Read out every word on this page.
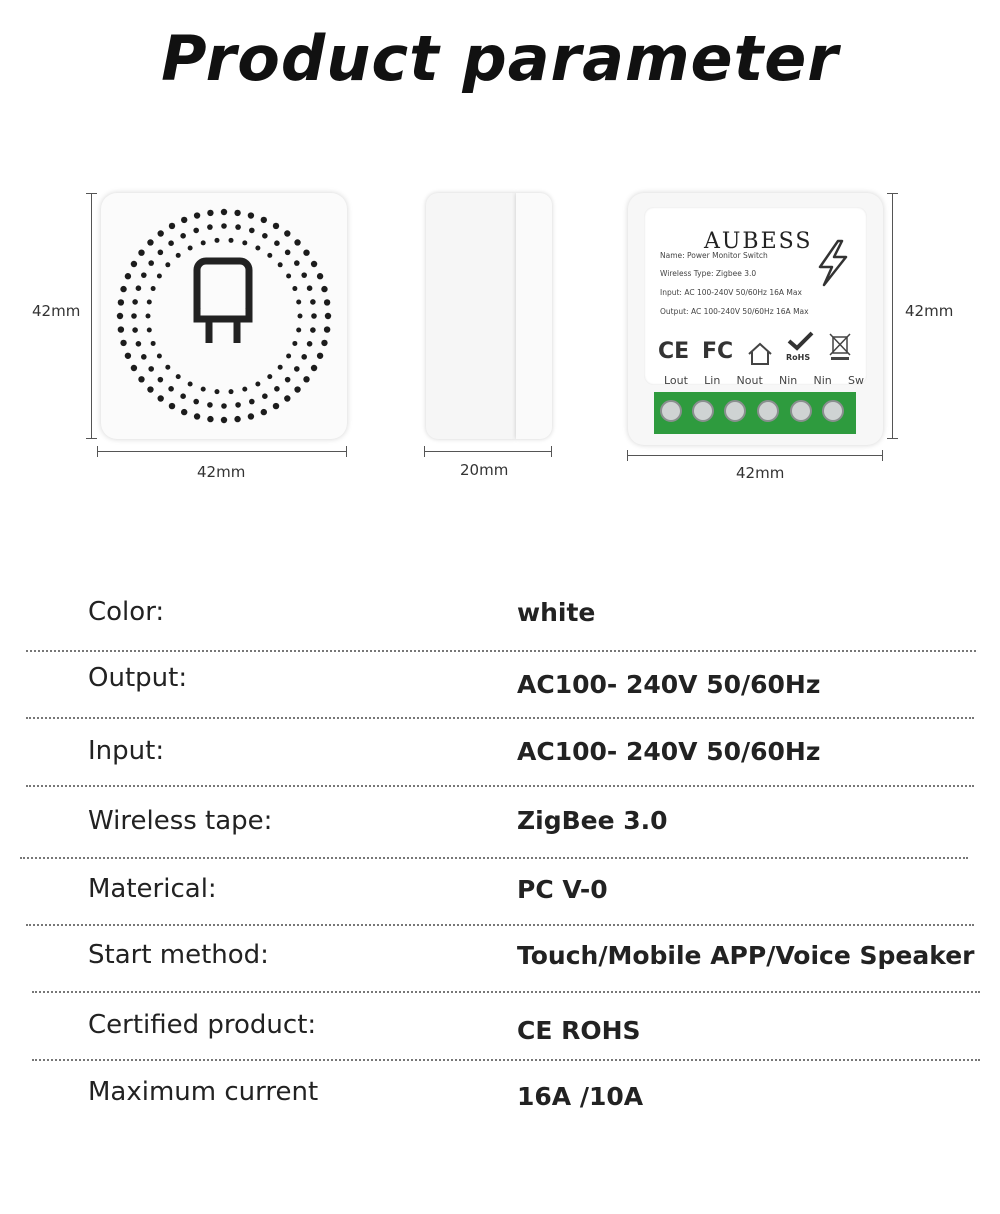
Product parameter
42mm
42mm	20mm
AUBESS
Name: Power Monitor Switch
Wireless Type: Zigbee 3.0
Input: AC 100-240V 50/60Hz 16A Max
Output: AC 100-240V 50/60Hz 16A Max
CE FC	RoHS
Lout Lin Nout Nin Nin Sw
42mm
42mm
Color:	white
Output:	AC100- 240V 50/60Hz
Input:	AC100- 240V 50/60Hz
Wireless tape:	ZigBee 3.0
Materical:	PC V-0
Start method:	Touch/Mobile APP/Voice Speaker
Certified product:	CE ROHS
Maximum current	16A /10A
